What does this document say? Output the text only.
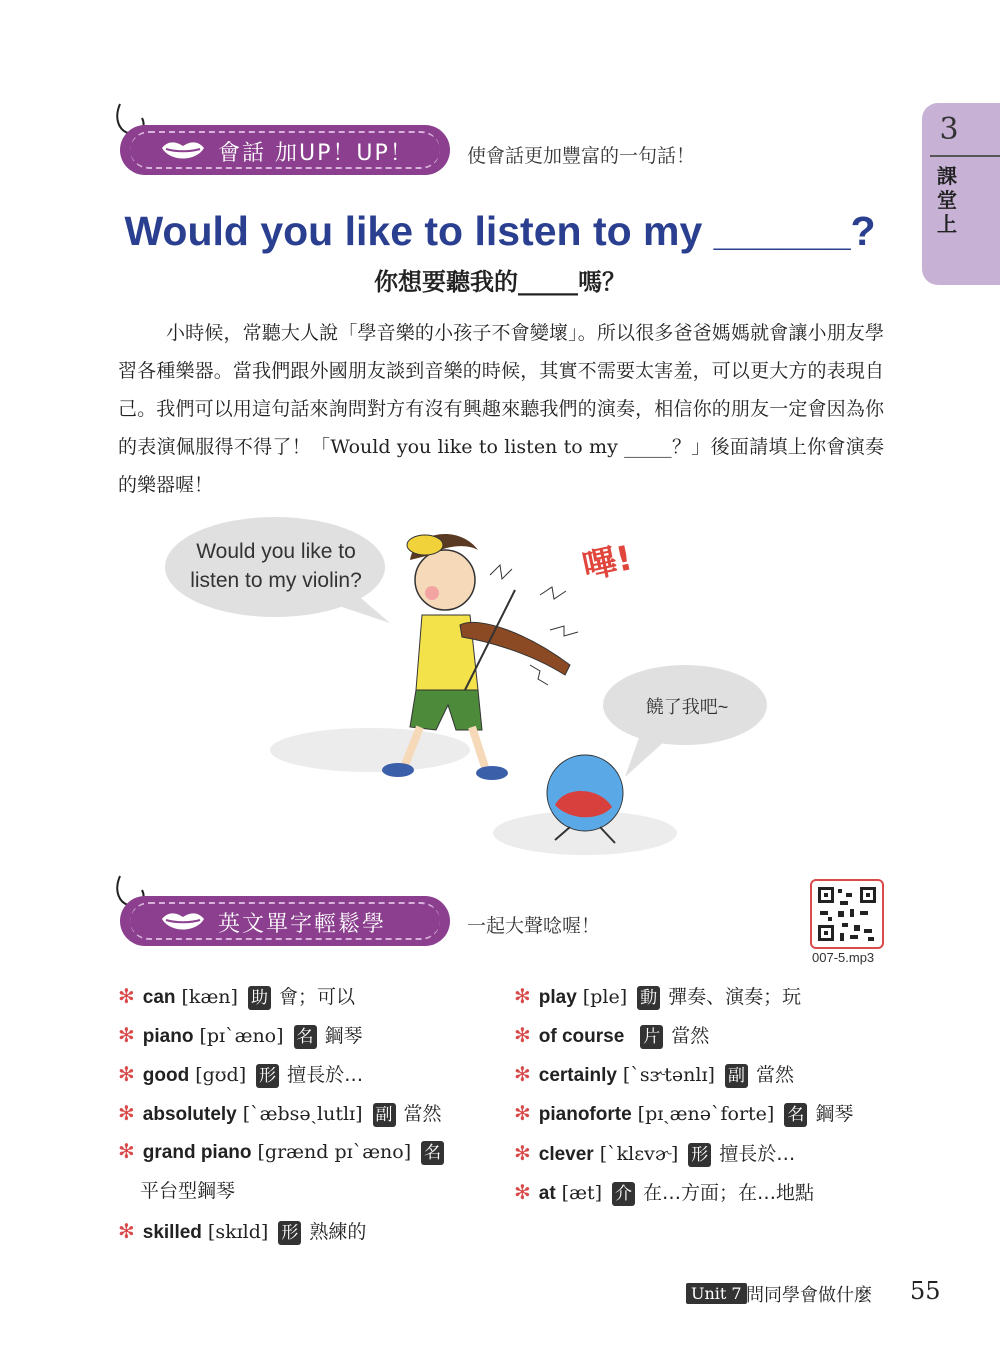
3
課堂上
會話 加UP！UP！	使會話更加豐富的一句話！
Would you like to listen to my ______?
你想要聽我的_____嗎？
小時候，常聽大人說「學音樂的小孩子不會變壞」。所以很多爸爸媽媽就會讓小朋友學習各種樂器。當我們跟外國朋友談到音樂的時候，其實不需要太害羞，可以更大方的表現自己。我們可以用這句話來詢問對方有沒有興趣來聽我們的演奏，相信你的朋友一定會因為你的表演佩服得不得了！「Would you like to listen to my _____？」後面請填上你會演奏的樂器喔！
Would you like to
listen to my violin?	嗶!
饒了我吧~
英文單字輕鬆學	一起大聲唸喔！
007-5.mp3
✻ can [kæn] 助 會；可以
✻ piano [pɪˋæno] 名 鋼琴
✻ good [gʊd] 形 擅長於…
✻ absolutely [ˋæbsəˏlutlɪ] 副 當然
✻ grand piano [grænd pɪˋæno] 名
平台型鋼琴
✻ skilled [skɪld] 形 熟練的
✻ play [ple] 動 彈奏、演奏；玩
✻ of course 片 當然
✻ certainly [ˋsɝtənlɪ] 副 當然
✻ pianoforte [pɪˏænəˋforte] 名 鋼琴
✻ clever [ˋklɛvɚ] 形 擅長於…
✻ at [æt] 介 在…方面；在…地點
Unit 7 問同學會做什麼 55
